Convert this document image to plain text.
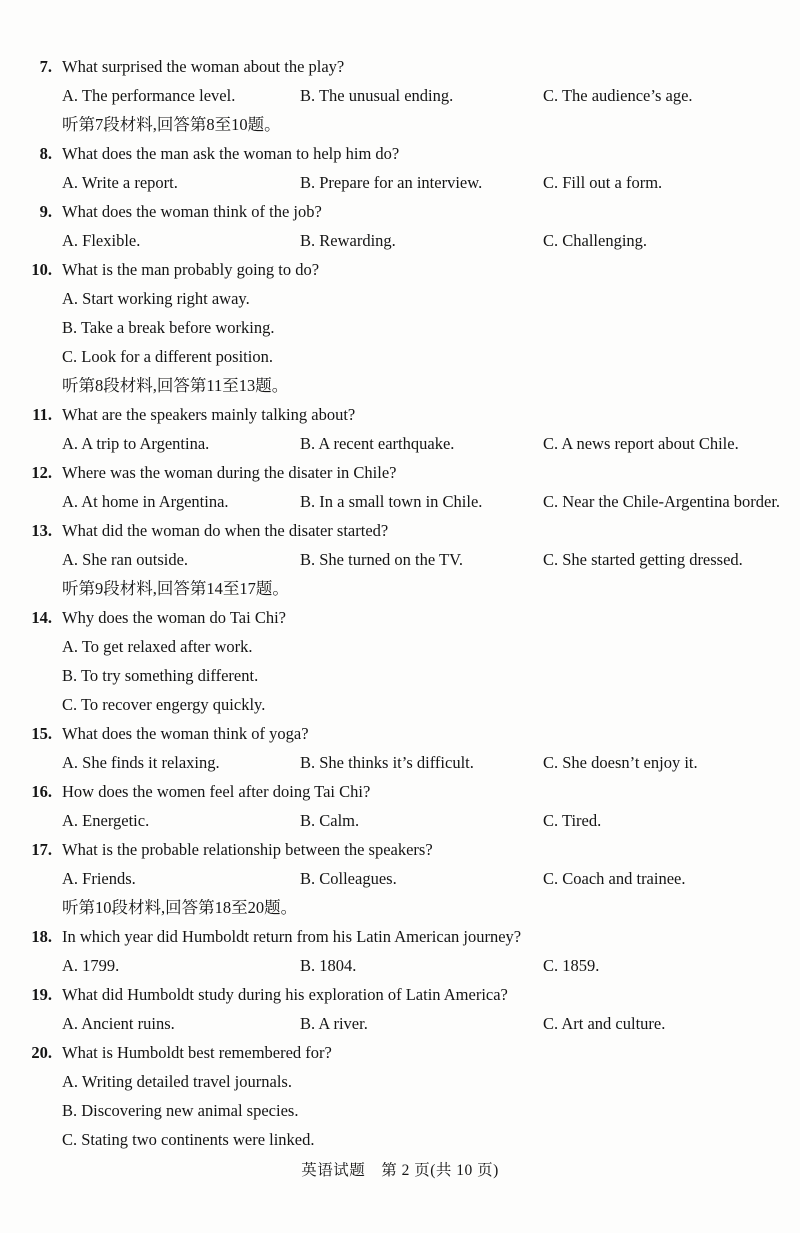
7. What surprised the woman about the play?
A. The performance level.	B. The unusual ending.	C. The audience’s age.
听第7段材料,回答第8至10题。
8. What does the man ask the woman to help him do?
A. Write a report.	B. Prepare for an interview.	C. Fill out a form.
9. What does the woman think of the job?
A. Flexible.	B. Rewarding.	C. Challenging.
10. What is the man probably going to do?
A. Start working right away.
B. Take a break before working.
C. Look for a different position.
听第8段材料,回答第11至13题。
11. What are the speakers mainly talking about?
A. A trip to Argentina.	B. A recent earthquake.	C. A news report about Chile.
12. Where was the woman during the disater in Chile?
A. At home in Argentina.	B. In a small town in Chile.	C. Near the Chile-Argentina border.
13. What did the woman do when the disater started?
A. She ran outside.	B. She turned on the TV.	C. She started getting dressed.
听第9段材料,回答第14至17题。
14. Why does the woman do Tai Chi?
A. To get relaxed after work.
B. To try something different.
C. To recover engergy quickly.
15. What does the woman think of yoga?
A. She finds it relaxing.	B. She thinks it’s difficult.	C. She doesn’t enjoy it.
16. How does the women feel after doing Tai Chi?
A. Energetic.	B. Calm.	C. Tired.
17. What is the probable relationship between the speakers?
A. Friends.	B. Colleagues.	C. Coach and trainee.
听第10段材料,回答第18至20题。
18. In which year did Humboldt return from his Latin American journey?
A. 1799.	B. 1804.	C. 1859.
19. What did Humboldt study during his exploration of Latin America?
A. Ancient ruins.	B. A river.	C. Art and culture.
20. What is Humboldt best remembered for?
A. Writing detailed travel journals.
B. Discovering new animal species.
C. Stating two continents were linked.
英语试题　第 2 页(共 10 页)
